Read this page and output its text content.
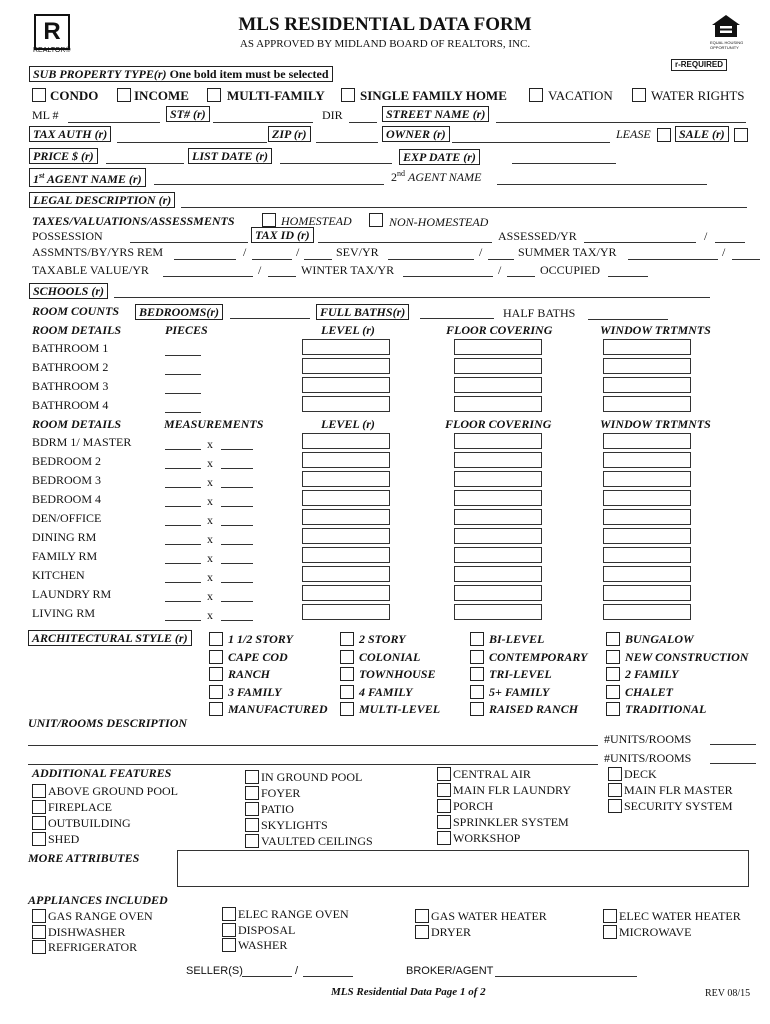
R
REALTOR®
MLS RESIDENTIAL DATA FORM
AS APPROVED BY MIDLAND BOARD OF REALTORS, INC.	EQUAL HOUSING
OPPORTUNITY
r-REQUIRED
SUB PROPERTY TYPE(r) One bold item must be selected
CONDO	INCOME	MULTI-FAMILY	SINGLE FAMILY HOME	VACATION	WATER RIGHTS
ML #	ST# (r)	DIR	STREET NAME (r)
TAX AUTH (r)	ZIP (r)	OWNER (r)	LEASE	SALE (r)
PRICE $ (r)	LIST DATE (r)	EXP DATE (r)
1st AGENT NAME (r)	2nd AGENT NAME
LEGAL DESCRIPTION (r)
TAXES/VALUATIONS/ASSESSMENTS	HOMESTEAD	NON-HOMESTEAD
POSSESSION	TAX ID (r)	ASSESSED/YR	/
ASSMNTS/BY/YRS REM	/	/	SEV/YR	/	SUMMER TAX/YR	/
TAXABLE VALUE/YR	/	WINTER TAX/YR	/	OCCUPIED
SCHOOLS (r)
ROOM COUNTS	BEDROOMS(r)	FULL BATHS(r)	HALF BATHS
ROOM DETAILS	PIECES	LEVEL (r)	FLOOR COVERING	WINDOW TRTMNTS
BATHROOM 1
BATHROOM 2
BATHROOM 3
BATHROOM 4
ROOM DETAILS	MEASUREMENTS	LEVEL (r)	FLOOR COVERING	WINDOW TRTMNTS
BDRM 1/ MASTER	x
BEDROOM 2	x
BEDROOM 3	x
BEDROOM 4	x
DEN/OFFICE	x
DINING RM	x
FAMILY RM	x
KITCHEN	x
LAUNDRY RM	x
LIVING RM	x
ARCHITECTURAL STYLE (r)	1 1/2 STORY
CAPE COD
RANCH
3 FAMILY
MANUFACTURED
2 STORY
COLONIAL
TOWNHOUSE
4 FAMILY
MULTI-LEVEL
BI-LEVEL
CONTEMPORARY
TRI-LEVEL
5+ FAMILY
RAISED RANCH
BUNGALOW
NEW CONSTRUCTION
2 FAMILY
CHALET
TRADITIONAL
UNIT/ROOMS DESCRIPTION
#UNITS/ROOMS
#UNITS/ROOMS
ADDITIONAL FEATURES
ABOVE GROUND POOL
FIREPLACE
OUTBUILDING
SHED
IN GROUND POOL
FOYER
PATIO
SKYLIGHTS
VAULTED CEILINGS
CENTRAL AIR
MAIN FLR LAUNDRY
PORCH
SPRINKLER SYSTEM
WORKSHOP
DECK
MAIN FLR MASTER
SECURITY SYSTEM
MORE ATTRIBUTES
APPLIANCES INCLUDED
GAS RANGE OVEN
DISHWASHER
REFRIGERATOR
ELEC RANGE OVEN
DISPOSAL
WASHER
GAS WATER HEATER
DRYER
ELEC WATER HEATER
MICROWAVE
SELLER(S)	/	BROKER/AGENT
MLS Residential Data Page 1 of 2	REV 08/15
